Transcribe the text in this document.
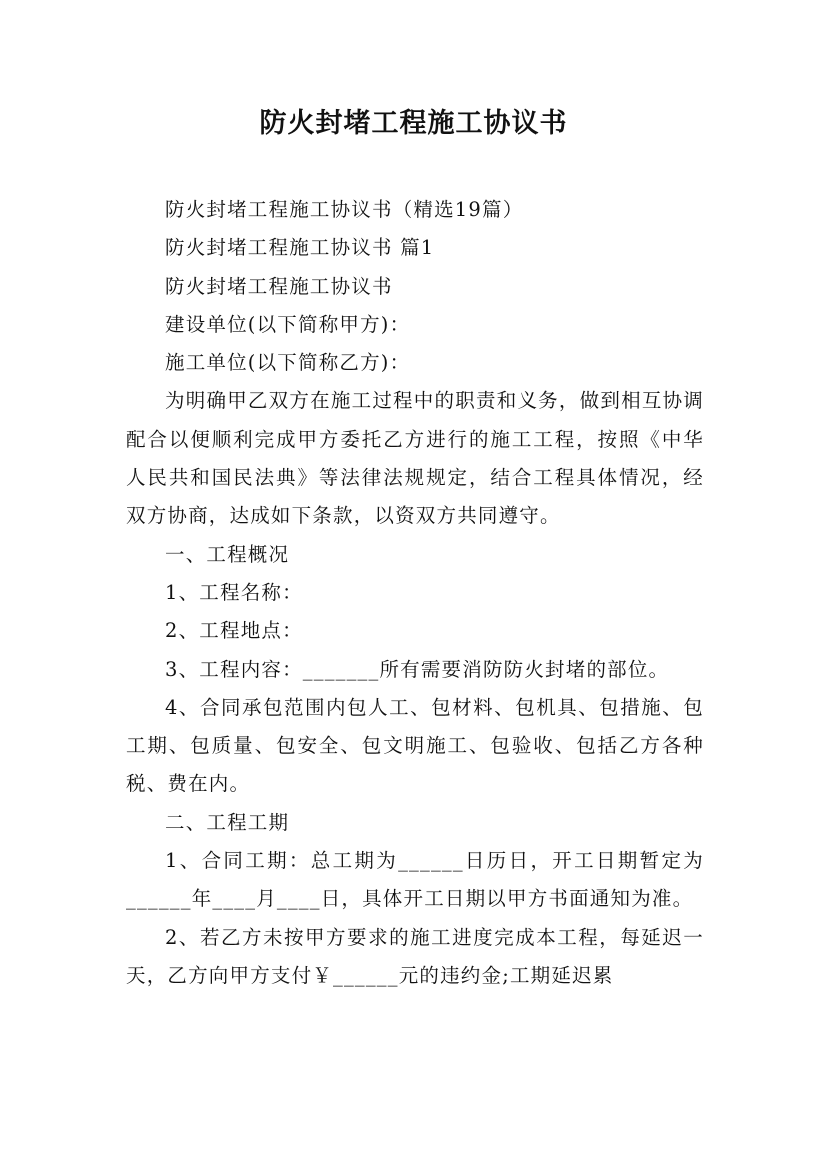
防火封堵工程施工协议书

防火封堵工程施工协议书（精选19篇）

防火封堵工程施工协议书 篇1

防火封堵工程施工协议书

建设单位(以下简称甲方)：

施工单位(以下简称乙方)：

为明确甲乙双方在施工过程中的职责和义务，做到相互协调配合以便顺利完成甲方委托乙方进行的施工工程，按照《中华人民共和国民法典》等法律法规规定，结合工程具体情况，经双方协商，达成如下条款，以资双方共同遵守。

一、工程概况

1、工程名称：

2、工程地点：

3、工程内容：_______所有需要消防防火封堵的部位。

4、合同承包范围内包人工、包材料、包机具、包措施、包工期、包质量、包安全、包文明施工、包验收、包括乙方各种税、费在内。

二、工程工期

1、合同工期：总工期为______日历日，开工日期暂定为______年____月____日，具体开工日期以甲方书面通知为准。

2、若乙方未按甲方要求的施工进度完成本工程，每延迟一天，乙方向甲方支付￥______元的违约金;工期延迟累
